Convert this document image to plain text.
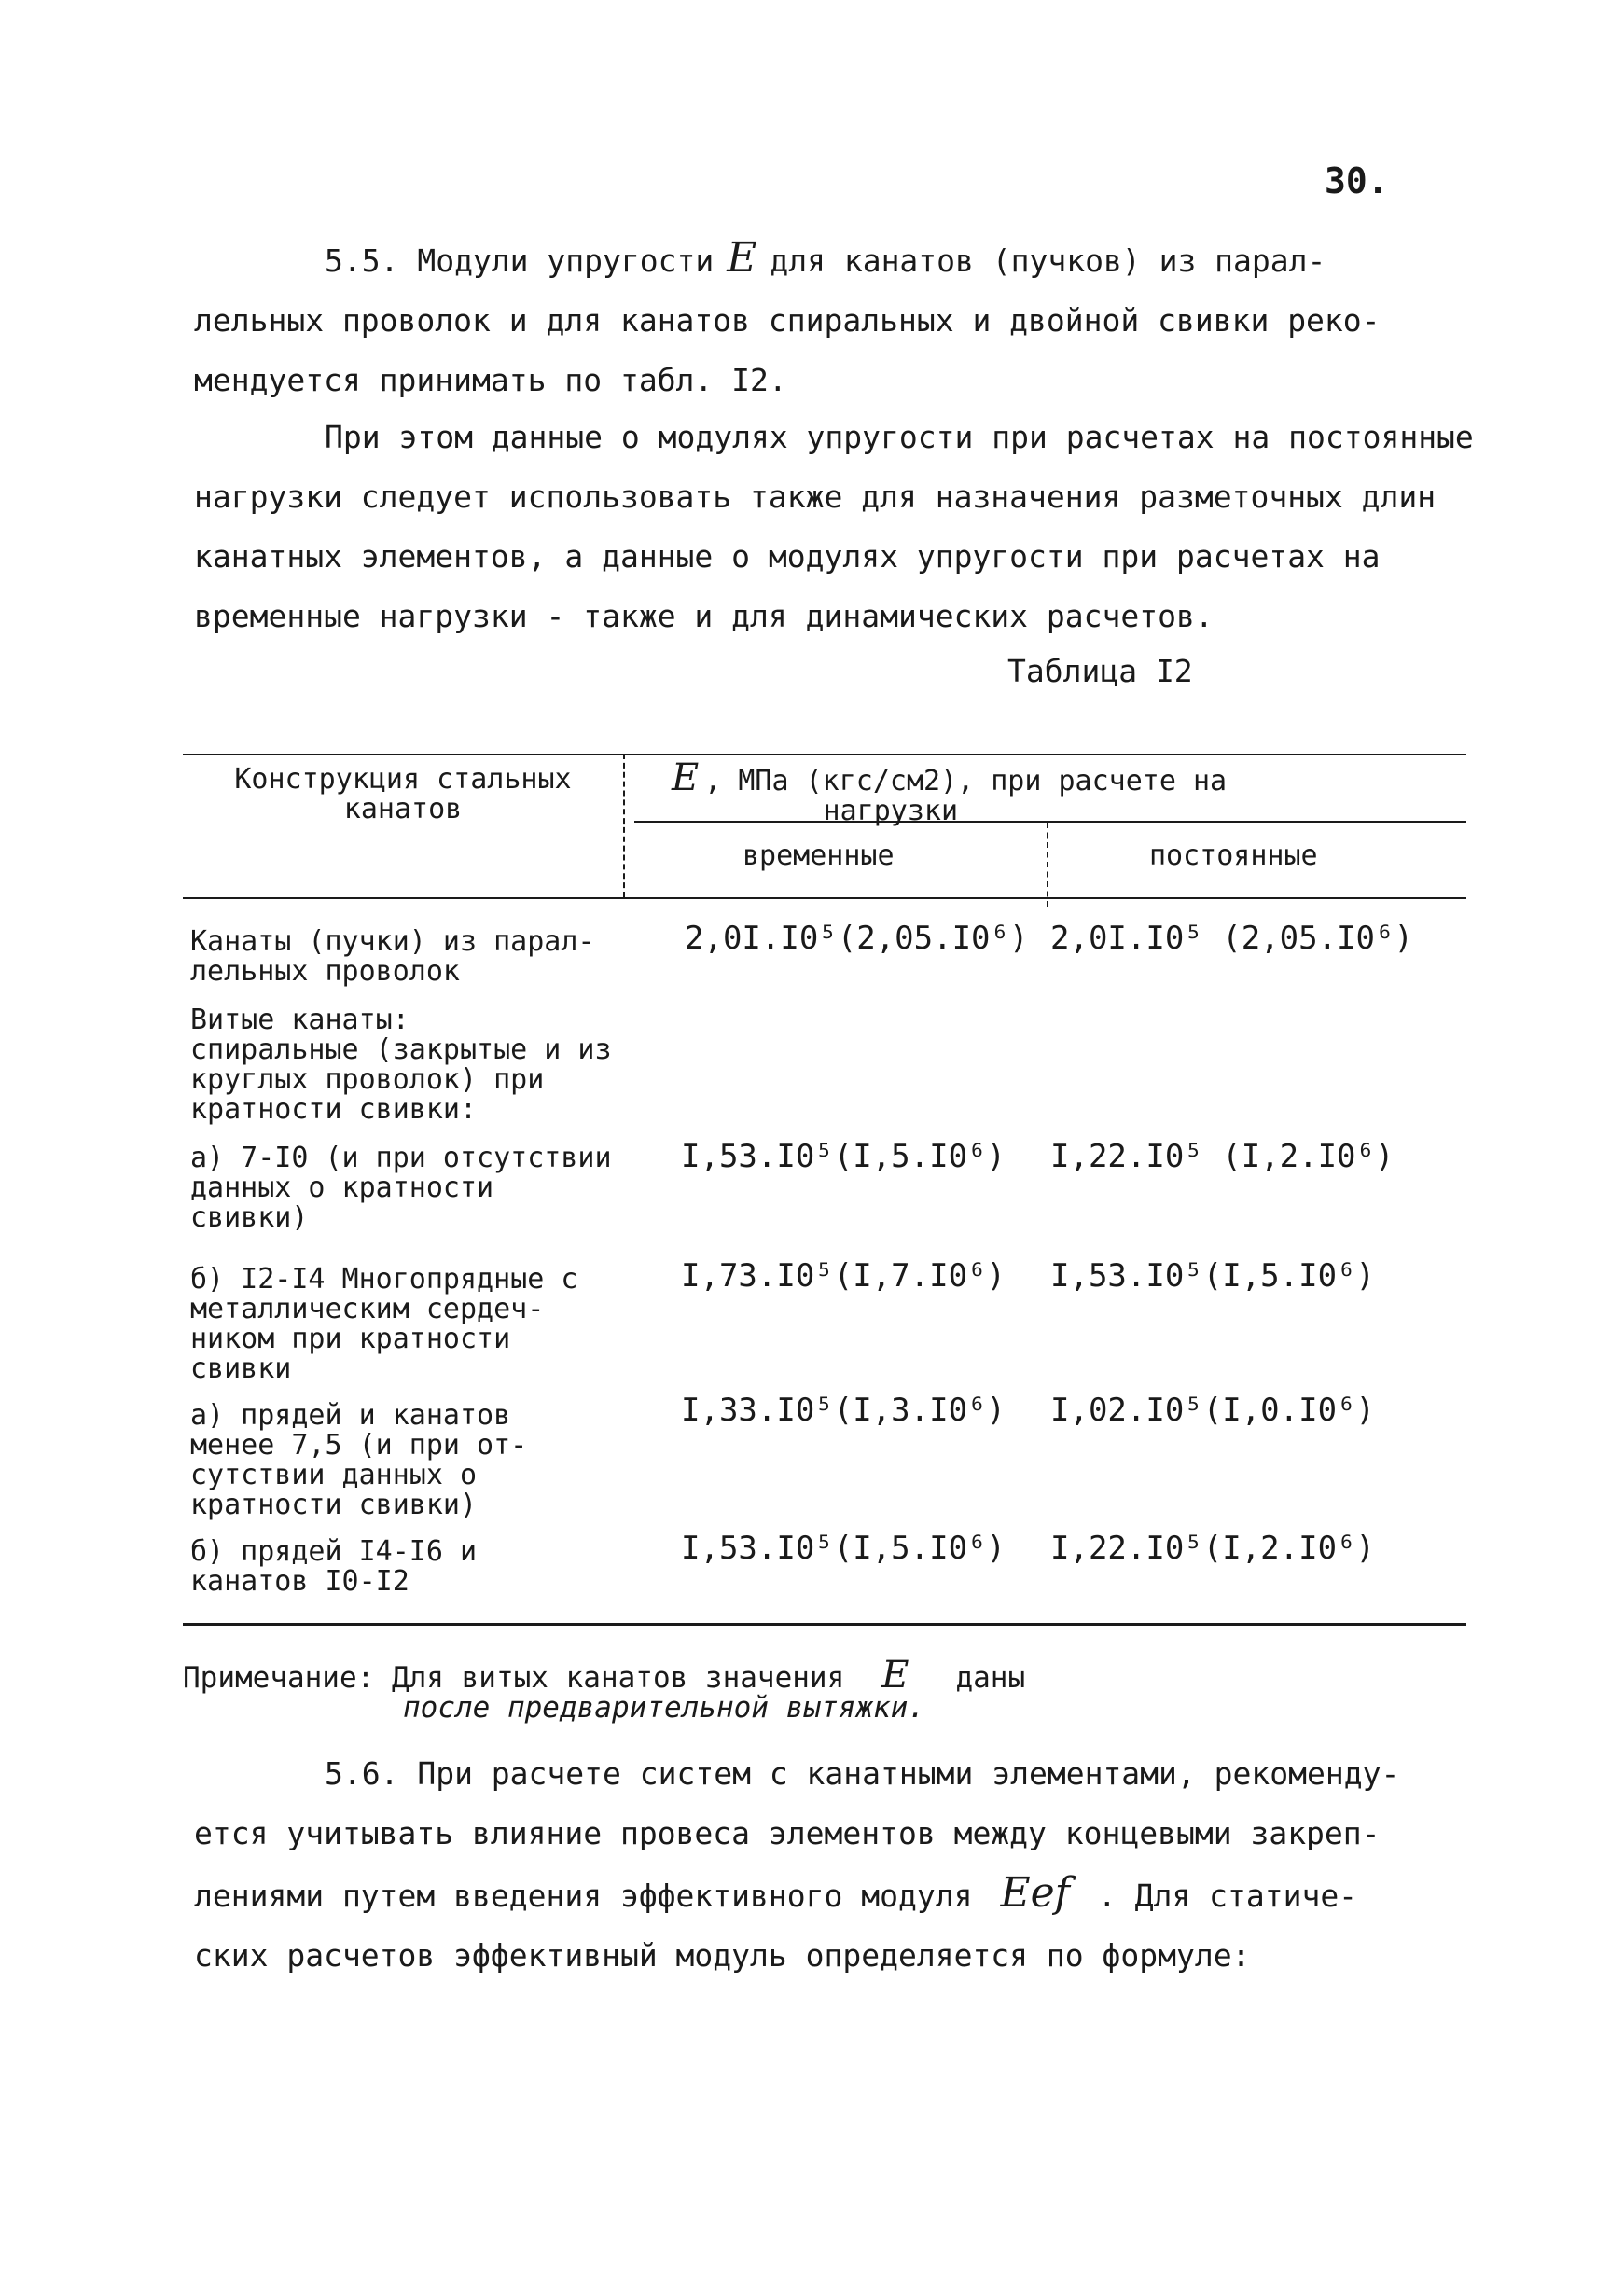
30.
5.5. Модули упругости E для канатов (пучков) из парал-
лельных проволок и для канатов спиральных и двойной свивки реко-
мендуется принимать по табл. I2.
При этом данные о модулях упругости при расчетах на постоянные
нагрузки следует использовать также для назначения разметочных длин
канатных элементов, а данные о модулях упругости при расчетах на
временные нагрузки - также и для динамических расчетов.
Таблица I2
Конструкция стальных
канатов
E , МПа (кгс/см2), при расчете на
нагрузки
временные	постоянные
Канаты (пучки) из парал-
лельных проволок
2,0I.I0⁵(2,05.I0⁶) 2,0I.I0⁵ (2,05.I0⁶)
Витые канаты:
спиральные (закрытые и из
круглых проволок) при
кратности свивки:
а) 7-I0 (и при отсутствии
данных о кратности
свивки)
I,53.I0⁵(I,5.I0⁶) I,22.I0⁵ (I,2.I0⁶)
б) I2-I4 Многопрядные с
металлическим сердеч-
ником при кратности
свивки
I,73.I0⁵(I,7.I0⁶) I,53.I0⁵(I,5.I0⁶)
а) прядей и канатов
менее 7,5 (и при от-
сутствии данных о
кратности свивки)
I,33.I0⁵(I,3.I0⁶) I,02.I0⁵(I,0.I0⁶)
б) прядей I4-I6 и
канатов I0-I2
I,53.I0⁵(I,5.I0⁶) I,22.I0⁵(I,2.I0⁶)
Примечание: Для витых канатов значения E даны
после предварительной вытяжки.
5.6. При расчете систем с канатными элементами, рекоменду-
ется учитывать влияние провеса элементов между концевыми закреп-
лениями путем введения эффективного модуля Eef . Для статиче-
ских расчетов эффективный модуль определяется по формуле:
